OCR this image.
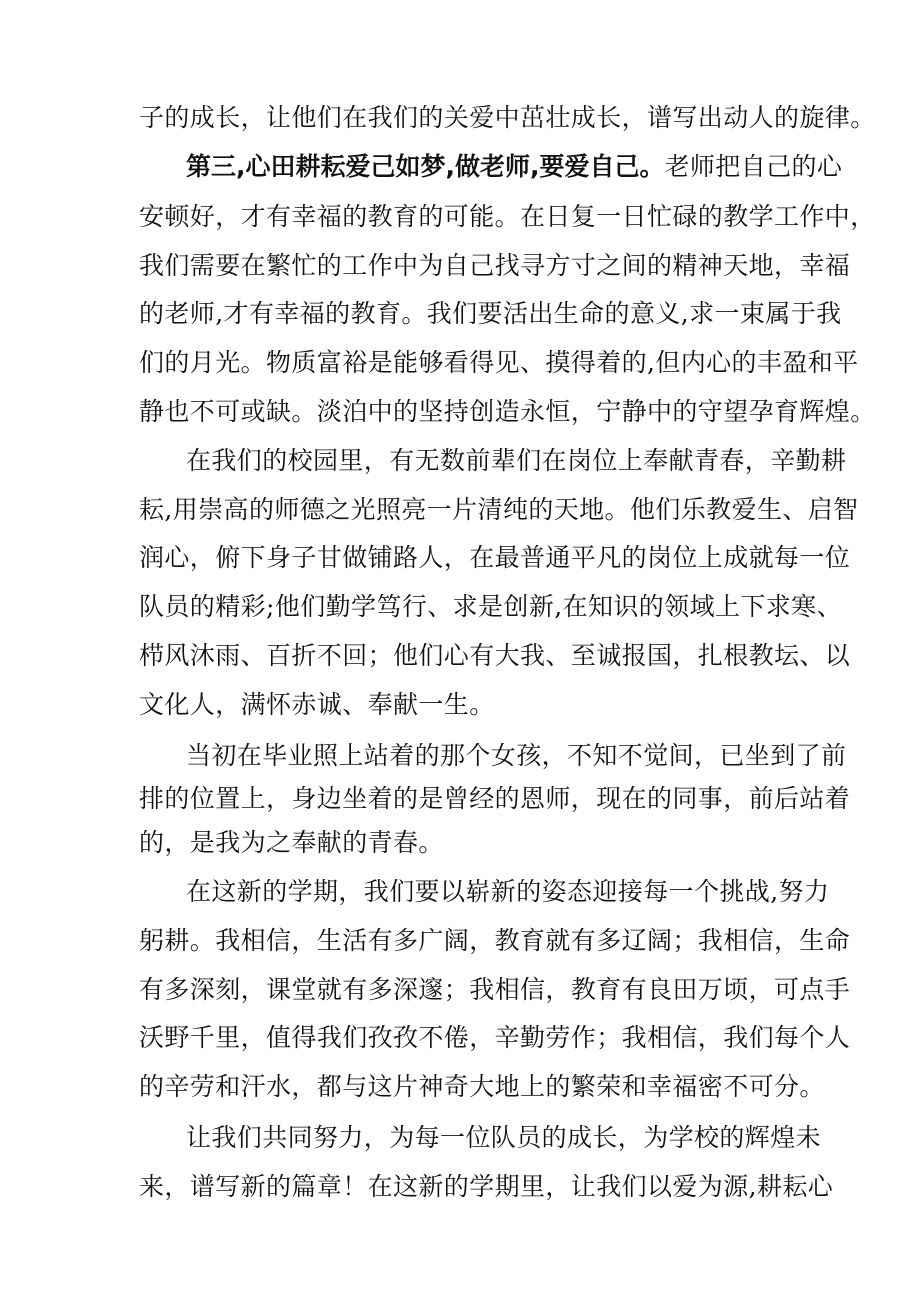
子的成长，让他们在我们的关爱中茁壮成长，谱写出动人的旋律。
第三,心田耕耘爱己如梦,做老师,要爱自己。老师把自己的心
安顿好，才有幸福的教育的可能。在日复一日忙碌的教学工作中，
我们需要在繁忙的工作中为自己找寻方寸之间的精神天地，幸福
的老师,才有幸福的教育。我们要活出生命的意义,求一束属于我
们的月光。物质富裕是能够看得见、摸得着的,但内心的丰盈和平
静也不可或缺。淡泊中的坚持创造永恒，宁静中的守望孕育辉煌。
在我们的校园里，有无数前辈们在岗位上奉献青春，辛勤耕
耘,用崇高的师德之光照亮一片清纯的天地。他们乐教爱生、启智
润心，俯下身子甘做铺路人，在最普通平凡的岗位上成就每一位
队员的精彩;他们勤学笃行、求是创新,在知识的领域上下求寒、
栉风沐雨、百折不回；他们心有大我、至诚报国，扎根教坛、以
文化人，满怀赤诚、奉献一生。
当初在毕业照上站着的那个女孩，不知不觉间，已坐到了前
排的位置上，身边坐着的是曾经的恩师，现在的同事，前后站着
的，是我为之奉献的青春。
在这新的学期，我们要以崭新的姿态迎接每一个挑战,努力
躬耕。我相信，生活有多广阔，教育就有多辽阔；我相信，生命
有多深刻，课堂就有多深邃；我相信，教育有良田万顷，可点手
沃野千里，值得我们孜孜不倦，辛勤劳作；我相信，我们每个人
的辛劳和汗水，都与这片神奇大地上的繁荣和幸福密不可分。
让我们共同努力，为每一位队员的成长，为学校的辉煌未
来，谱写新的篇章！在这新的学期里，让我们以爱为源,耕耘心
